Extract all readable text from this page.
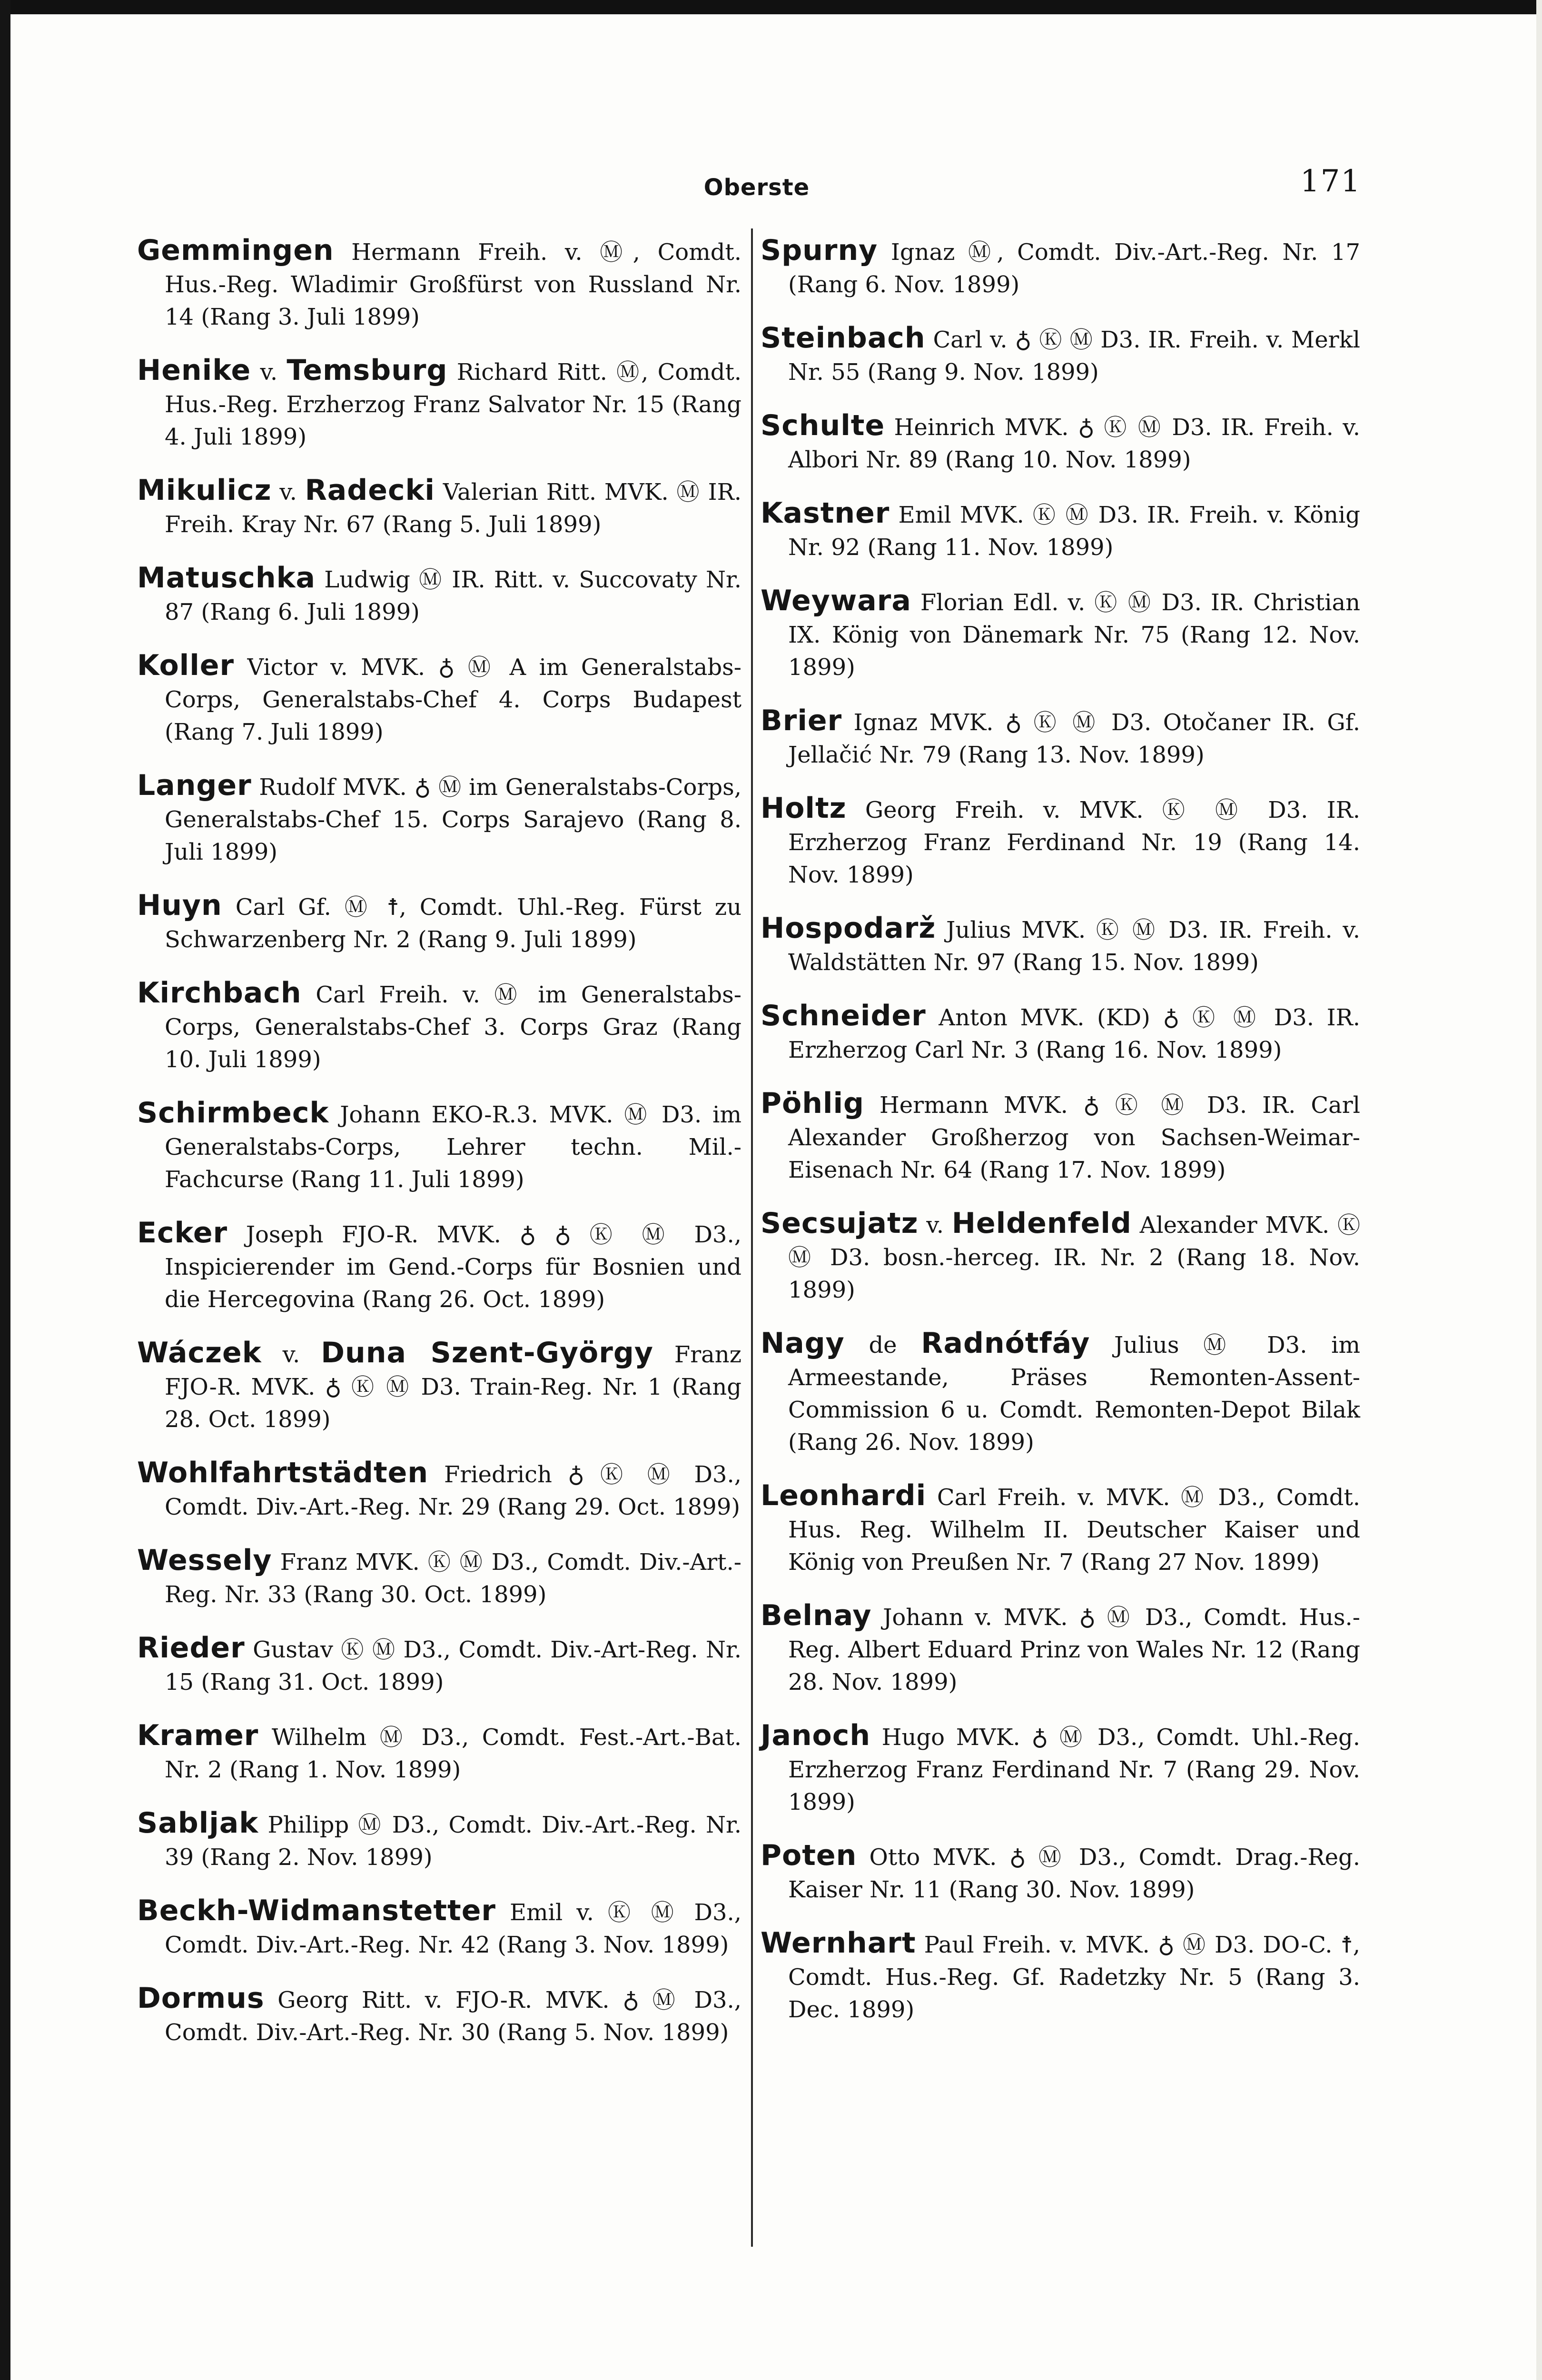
Oberste	171
Gemmingen Hermann Freih. v. Ⓜ, Comdt. Hus.-Reg. Wladimir Großfürst von Russland Nr. 14 (Rang 3. Juli 1899)
Henike v. Temsburg Richard Ritt. Ⓜ, Comdt. Hus.-Reg. Erzherzog Franz Salvator Nr. 15 (Rang 4. Juli 1899)
Mikulicz v. Radecki Valerian Ritt. MVK. Ⓜ IR. Freih. Kray Nr. 67 (Rang 5. Juli 1899)
Matuschka Ludwig Ⓜ IR. Ritt. v. Succovaty Nr. 87 (Rang 6. Juli 1899)
Koller Victor v. MVK. ♁ Ⓜ A im Generalstabs-Corps, Generalstabs-Chef 4. Corps Budapest (Rang 7. Juli 1899)
Langer Rudolf MVK. ♁ Ⓜ im Generalstabs-Corps, Generalstabs-Chef 15. Corps Sarajevo (Rang 8. Juli 1899)
Huyn Carl Gf. Ⓜ ☨, Comdt. Uhl.-Reg. Fürst zu Schwarzenberg Nr. 2 (Rang 9. Juli 1899)
Kirchbach Carl Freih. v. Ⓜ im Generalstabs-Corps, Generalstabs-Chef 3. Corps Graz (Rang 10. Juli 1899)
Schirmbeck Johann EKO-R.3. MVK. Ⓜ D3. im Generalstabs-Corps, Lehrer techn. Mil.-Fachcurse (Rang 11. Juli 1899)
Ecker Joseph FJO-R. MVK. ♁ ♁ Ⓚ Ⓜ D3., Inspicierender im Gend.-Corps für Bosnien und die Hercegovina (Rang 26. Oct. 1899)
Wáczek v. Duna Szent-György Franz FJO-R. MVK. ♁ Ⓚ Ⓜ D3. Train-Reg. Nr. 1 (Rang 28. Oct. 1899)
Wohlfahrtstädten Friedrich ♁ Ⓚ Ⓜ D3., Comdt. Div.-Art.-Reg. Nr. 29 (Rang 29. Oct. 1899)
Wessely Franz MVK. Ⓚ Ⓜ D3., Comdt. Div.-Art.-Reg. Nr. 33 (Rang 30. Oct. 1899)
Rieder Gustav Ⓚ Ⓜ D3., Comdt. Div.-Art-Reg. Nr. 15 (Rang 31. Oct. 1899)
Kramer Wilhelm Ⓜ D3., Comdt. Fest.-Art.-Bat. Nr. 2 (Rang 1. Nov. 1899)
Sabljak Philipp Ⓜ D3., Comdt. Div.-Art.-Reg. Nr. 39 (Rang 2. Nov. 1899)
Beckh-Widmanstetter Emil v. Ⓚ Ⓜ D3., Comdt. Div.-Art.-Reg. Nr. 42 (Rang 3. Nov. 1899)
Dormus Georg Ritt. v. FJO-R. MVK. ♁ Ⓜ D3., Comdt. Div.-Art.-Reg. Nr. 30 (Rang 5. Nov. 1899)
Spurny Ignaz Ⓜ, Comdt. Div.-Art.-Reg. Nr. 17 (Rang 6. Nov. 1899)
Steinbach Carl v. ♁ Ⓚ Ⓜ D3. IR. Freih. v. Merkl Nr. 55 (Rang 9. Nov. 1899)
Schulte Heinrich MVK. ♁ Ⓚ Ⓜ D3. IR. Freih. v. Albori Nr. 89 (Rang 10. Nov. 1899)
Kastner Emil MVK. Ⓚ Ⓜ D3. IR. Freih. v. König Nr. 92 (Rang 11. Nov. 1899)
Weywara Florian Edl. v. Ⓚ Ⓜ D3. IR. Christian IX. König von Dänemark Nr. 75 (Rang 12. Nov. 1899)
Brier Ignaz MVK. ♁ Ⓚ Ⓜ D3. Otočaner IR. Gf. Jellačić Nr. 79 (Rang 13. Nov. 1899)
Holtz Georg Freih. v. MVK. Ⓚ Ⓜ D3. IR. Erzherzog Franz Ferdinand Nr. 19 (Rang 14. Nov. 1899)
Hospodarž Julius MVK. Ⓚ Ⓜ D3. IR. Freih. v. Waldstätten Nr. 97 (Rang 15. Nov. 1899)
Schneider Anton MVK. (KD) ♁ Ⓚ Ⓜ D3. IR. Erzherzog Carl Nr. 3 (Rang 16. Nov. 1899)
Pöhlig Hermann MVK. ♁ Ⓚ Ⓜ D3. IR. Carl Alexander Großherzog von Sachsen-Weimar-Eisenach Nr. 64 (Rang 17. Nov. 1899)
Secsujatz v. Heldenfeld Alexander MVK. Ⓚ Ⓜ D3. bosn.-herceg. IR. Nr. 2 (Rang 18. Nov. 1899)
Nagy de Radnótfáy Julius Ⓜ D3. im Armeestande, Präses Remonten-Assent-Commission 6 u. Comdt. Remonten-Depot Bilak (Rang 26. Nov. 1899)
Leonhardi Carl Freih. v. MVK. Ⓜ D3., Comdt. Hus. Reg. Wilhelm II. Deutscher Kaiser und König von Preußen Nr. 7 (Rang 27 Nov. 1899)
Belnay Johann v. MVK. ♁ Ⓜ D3., Comdt. Hus.-Reg. Albert Eduard Prinz von Wales Nr. 12 (Rang 28. Nov. 1899)
Janoch Hugo MVK. ♁ Ⓜ D3., Comdt. Uhl.-Reg. Erzherzog Franz Ferdinand Nr. 7 (Rang 29. Nov. 1899)
Poten Otto MVK. ♁ Ⓜ D3., Comdt. Drag.-Reg. Kaiser Nr. 11 (Rang 30. Nov. 1899)
Wernhart Paul Freih. v. MVK. ♁ Ⓜ D3. DO-C. ☨, Comdt. Hus.-Reg. Gf. Radetzky Nr. 5 (Rang 3. Dec. 1899)
